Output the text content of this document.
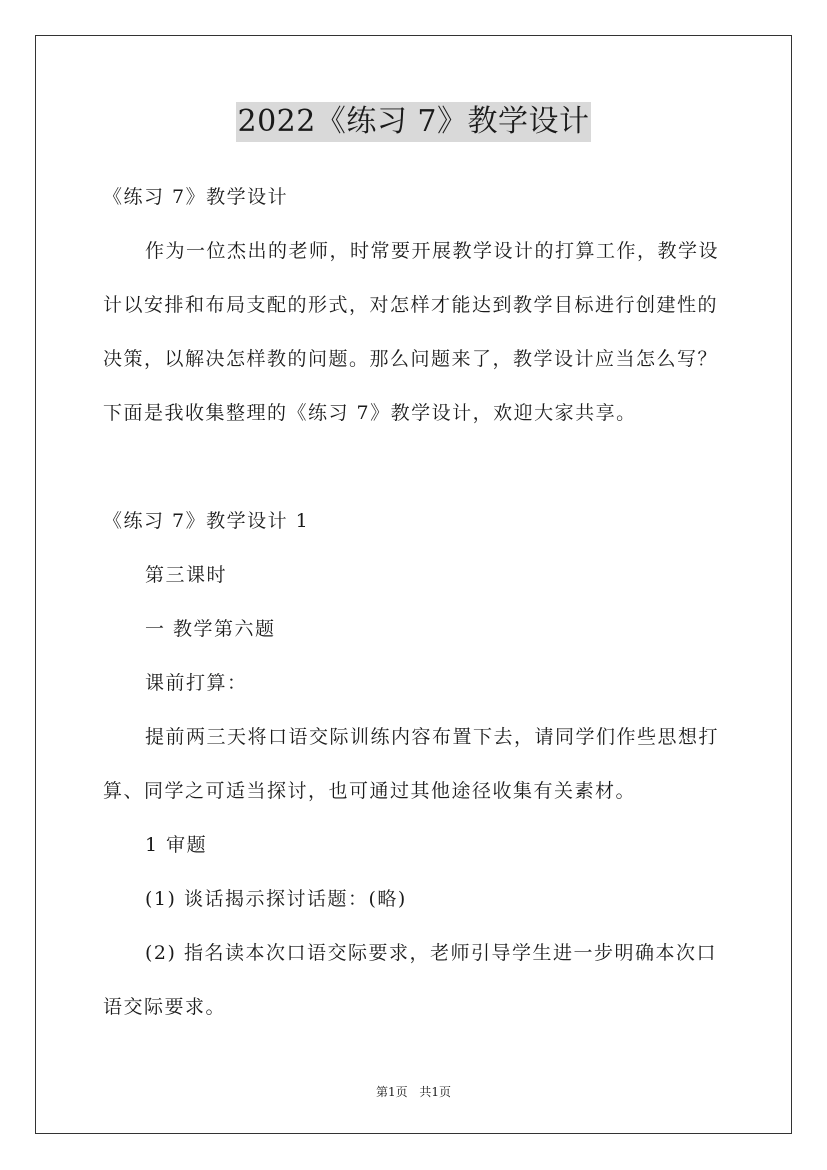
2022《练习 7》教学设计
《练习 7》教学设计
作为一位杰出的老师，时常要开展教学设计的打算工作，教学设
计以安排和布局支配的形式，对怎样才能达到教学目标进行创建性的
决策，以解决怎样教的问题。那么问题来了，教学设计应当怎么写？
下面是我收集整理的《练习 7》教学设计，欢迎大家共享。
《练习 7》教学设计 1
第三课时
一 教学第六题
课前打算：
提前两三天将口语交际训练内容布置下去，请同学们作些思想打
算、同学之可适当探讨，也可通过其他途径收集有关素材。
1 审题
(1) 谈话揭示探讨话题：(略)
(2) 指名读本次口语交际要求，老师引导学生进一步明确本次口
语交际要求。
第1页 共1页
